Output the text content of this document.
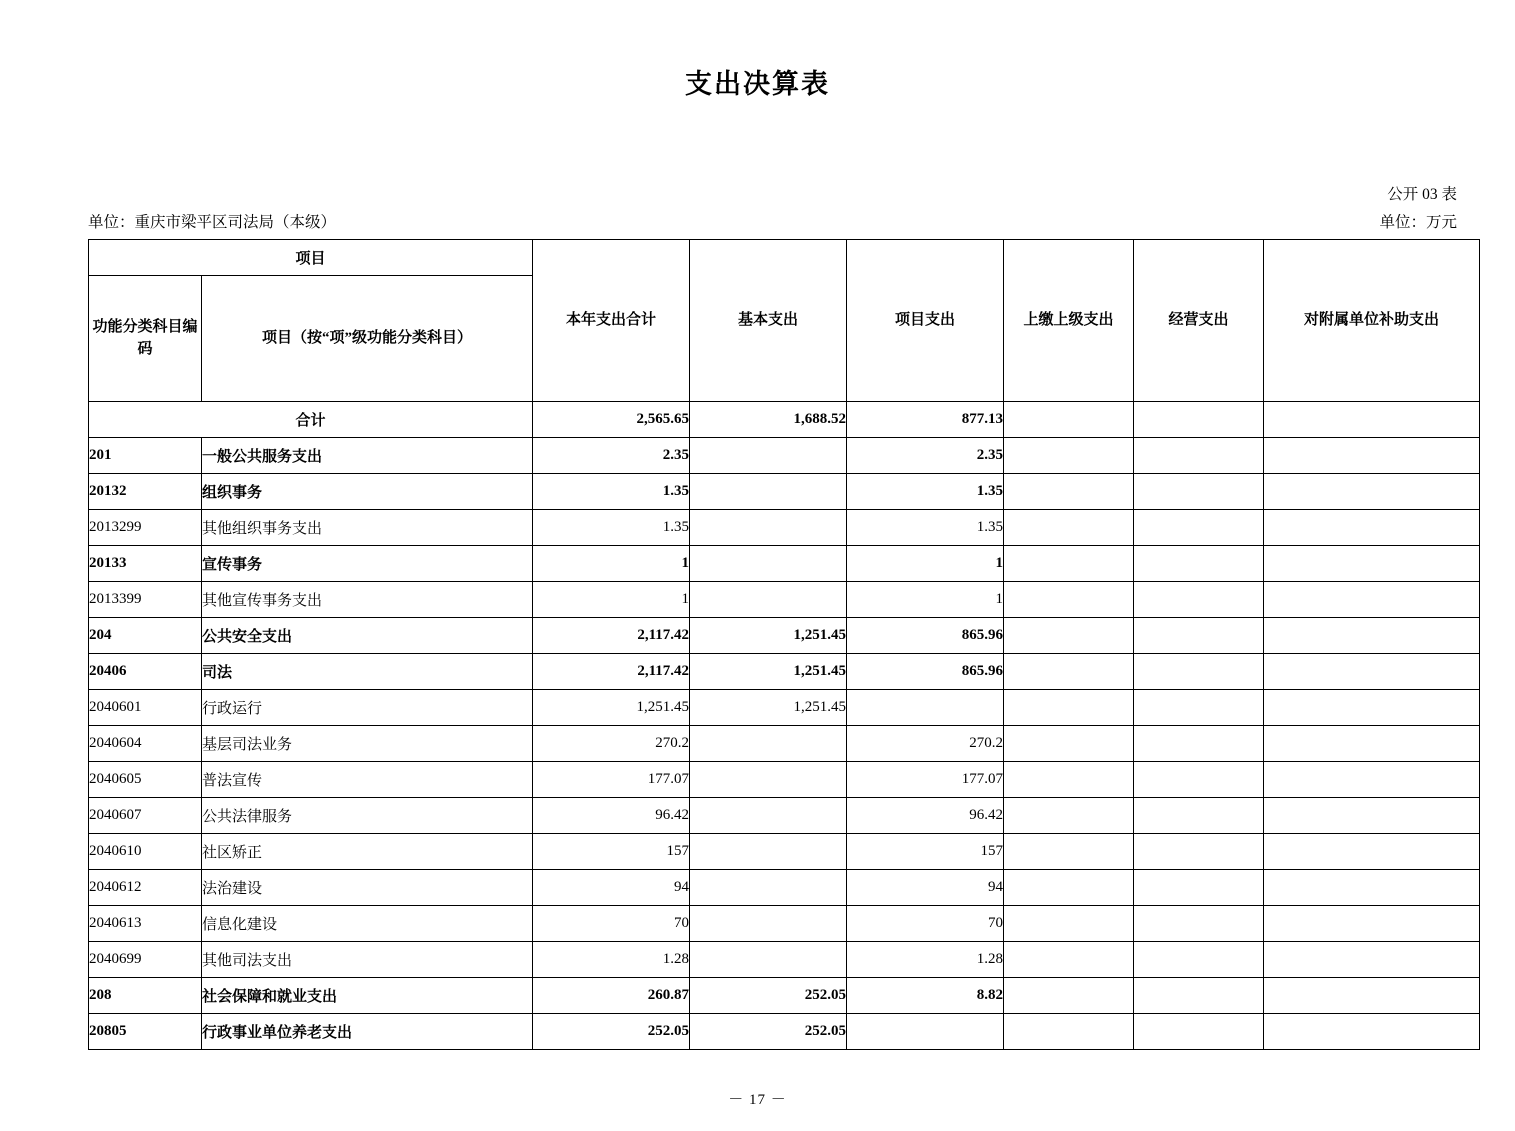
支出决算表
公开 03 表
单位：重庆市梁平区司法局（本级）	单位：万元
项目		本年支出合计	基本支出	项目支出	上缴上级支出	经营支出	对附属单位补助支出
功能分类科目编码	项目（按“项”级功能分类科目）						
合计		2,565.65	1,688.52	877.13			
201	一般公共服务支出	2.35		2.35			
20132	组织事务	1.35		1.35			
2013299	其他组织事务支出	1.35		1.35			
20133	宣传事务	1		1			
2013399	其他宣传事务支出	1		1			
204	公共安全支出	2,117.42	1,251.45	865.96			
20406	司法	2,117.42	1,251.45	865.96			
2040601	行政运行	1,251.45	1,251.45				
2040604	基层司法业务	270.2		270.2			
2040605	普法宣传	177.07		177.07			
2040607	公共法律服务	96.42		96.42			
2040610	社区矫正	157		157			
2040612	法治建设	94		94			
2040613	信息化建设	70		70			
2040699	其他司法支出	1.28		1.28			
208	社会保障和就业支出	260.87	252.05	8.82			
20805	行政事业单位养老支出	252.05	252.05				
－ 17 －
